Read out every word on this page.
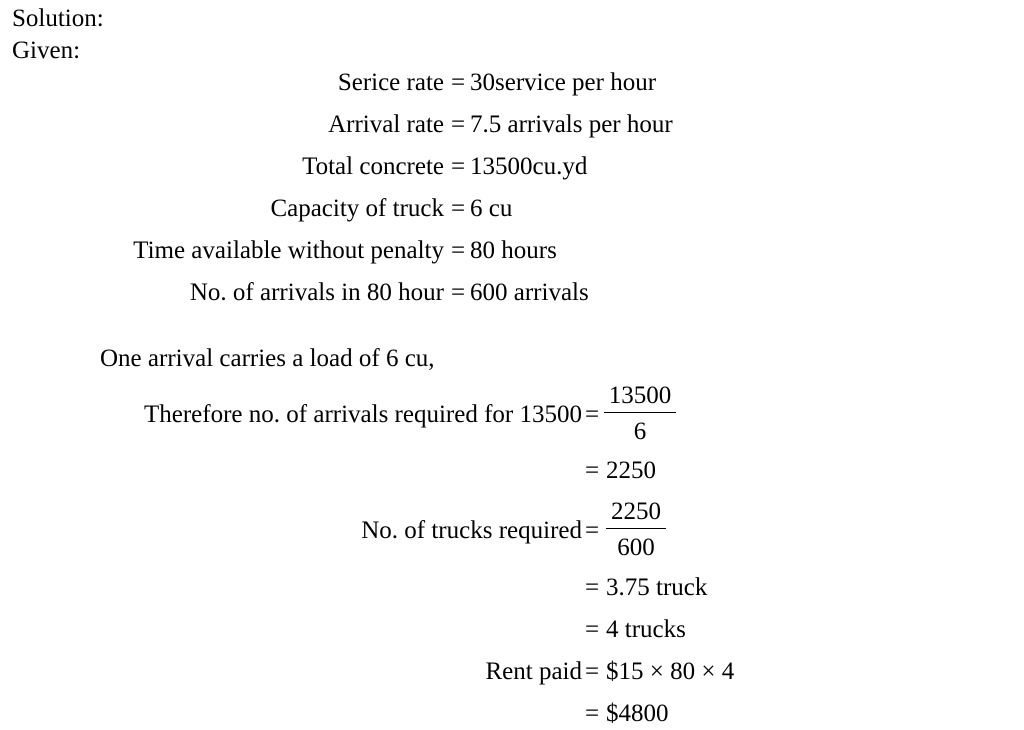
Solution:
Given:
Serice rate = 30service per hour
Arrival rate = 7.5 arrivals per hour
Total concrete = 13500cu.yd
Capacity of truck = 6 cu
Time available without penalty = 80 hours
No. of arrivals in 80 hour = 600 arrivals
One arrival carries a load of 6 cu,
Therefore no. of arrivals required for 13500 =
13500
6
= 2250
No. of trucks required =
2250
600
= 3.75 truck
= 4 trucks
Rent paid = $15 × 80 × 4
= $4800
